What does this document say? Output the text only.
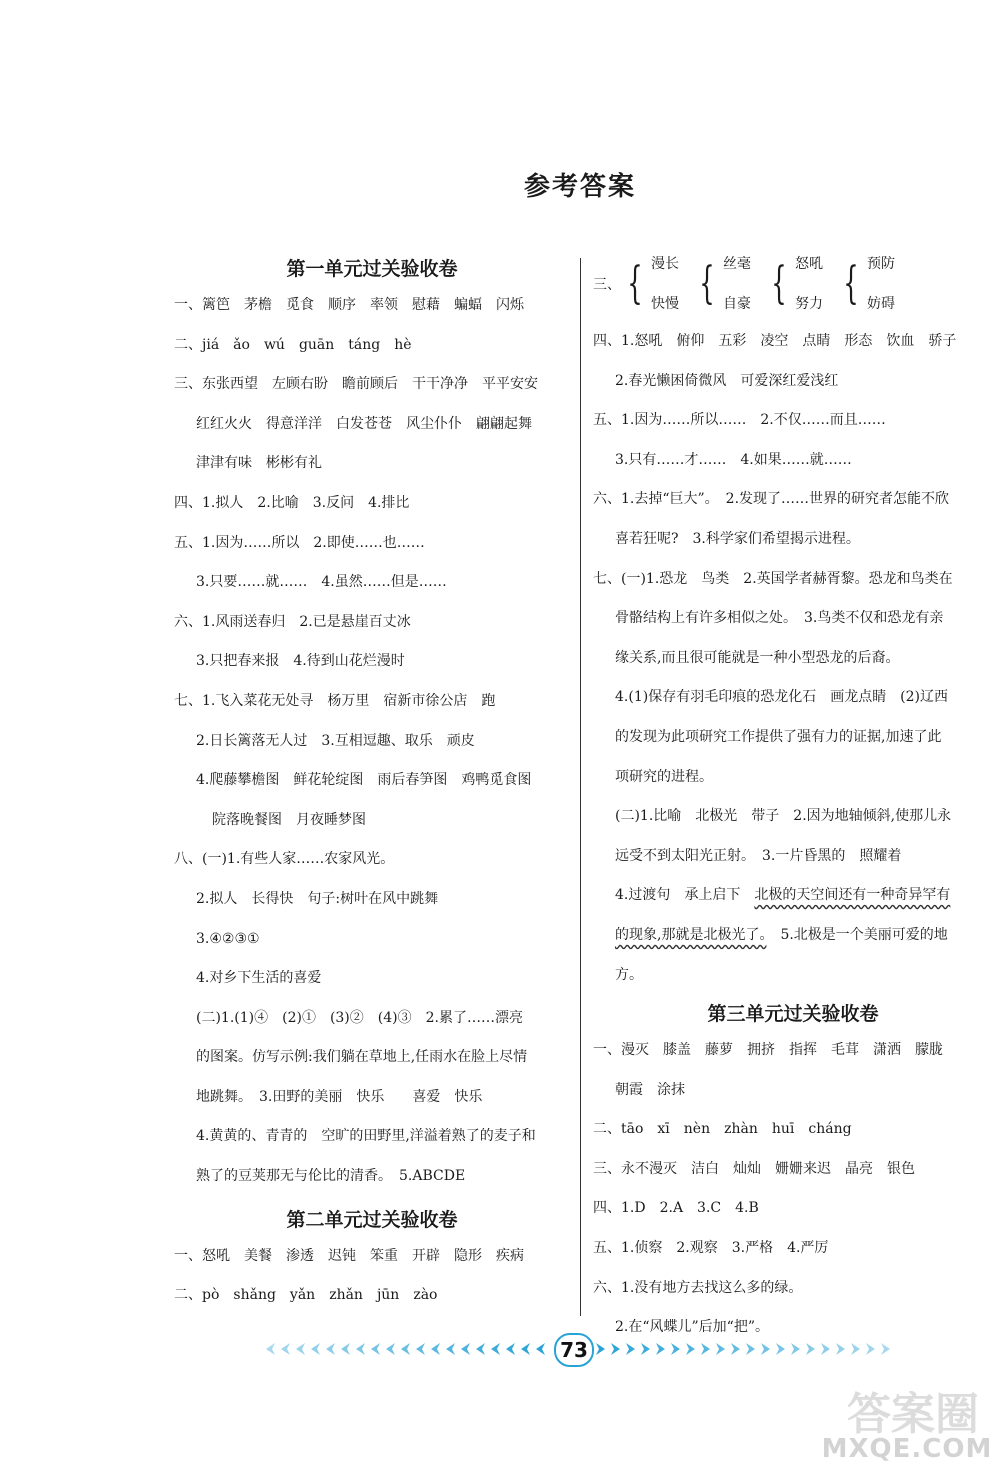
参考答案
第一单元过关验收卷
一、篱笆　茅檐　觅食　顺序　率领　慰藉　蝙蝠　闪烁
二、jiá　ǎo　wú　guān　táng　hè
三、东张西望　左顾右盼　瞻前顾后　干干净净　平平安安
红红火火　得意洋洋　白发苍苍　风尘仆仆　翩翩起舞
津津有味　彬彬有礼
四、1.拟人　2.比喻　3.反问　4.排比
五、1.因为……所以　2.即使……也……
3.只要……就……　4.虽然……但是……
六、1.风雨送春归　2.已是悬崖百丈冰
3.只把春来报　4.待到山花烂漫时
七、1.飞入菜花无处寻　杨万里　宿新市徐公店　跑
2.日长篱落无人过　3.互相逗趣、取乐　顽皮
4.爬藤攀檐图　鲜花轮绽图　雨后春笋图　鸡鸭觅食图
院落晚餐图　月夜睡梦图
八、(一)1.有些人家……农家风光。
2.拟人　长得快　句子:树叶在风中跳舞
3.④②③①
4.对乡下生活的喜爱
(二)1.(1)④　(2)①　(3)②　(4)③　2.累了……漂亮
的图案。仿写示例:我们躺在草地上,任雨水在脸上尽情
地跳舞。　3.田野的美丽　快乐　　喜爱　快乐
4.黄黄的、青青的　空旷的田野里,洋溢着熟了的麦子和
熟了的豆荚那无与伦比的清香。　5.ABCDE
第二单元过关验收卷
一、怒吼　美餐　渗透　迟钝　笨重　开辟　隐形　疾病
二、pò　shǎng　yǎn　zhǎn　jūn　zào
三、 { 漫长
快慢 { 丝毫
自豪 { 怒吼
努力 { 预防
妨碍
四、1.怒吼　俯仰　五彩　凌空　点睛　形态　饮血　骄子
2.春光懒困倚微风　可爱深红爱浅红
五、1.因为……所以……　2.不仅……而且……
3.只有……才……　4.如果……就……
六、1.去掉“巨大”。　2.发现了……世界的研究者怎能不欣
喜若狂呢?　3.科学家们希望揭示进程。
七、(一)1.恐龙　鸟类　2.英国学者赫胥黎。恐龙和鸟类在
骨骼结构上有许多相似之处。　3.鸟类不仅和恐龙有亲
缘关系,而且很可能就是一种小型恐龙的后裔。
4.(1)保存有羽毛印痕的恐龙化石　画龙点睛　(2)辽西
的发现为此项研究工作提供了强有力的证据,加速了此
项研究的进程。
(二)1.比喻　北极光　带子　2.因为地轴倾斜,使那儿永
远受不到太阳光正射。　3.一片昏黑的　照耀着
4.过渡句　承上启下　北极的天空间还有一种奇异罕有
的现象,那就是北极光了。　5.北极是一个美丽可爱的地
方。
第三单元过关验收卷
一、漫灭　膝盖　藤萝　拥挤　指挥　毛茸　潇洒　朦胧
朝霞　涂抹
二、tāo　xī　nèn　zhàn　huī　cháng
三、永不漫灭　洁白　灿灿　姗姗来迟　晶亮　银色
四、1.D　2.A　3.C　4.B
五、1.侦察　2.观察　3.严格　4.严厉
六、1.没有地方去找这么多的绿。
2.在“风蝶儿”后加“把”。
73
答案圈
MXQE.COM
